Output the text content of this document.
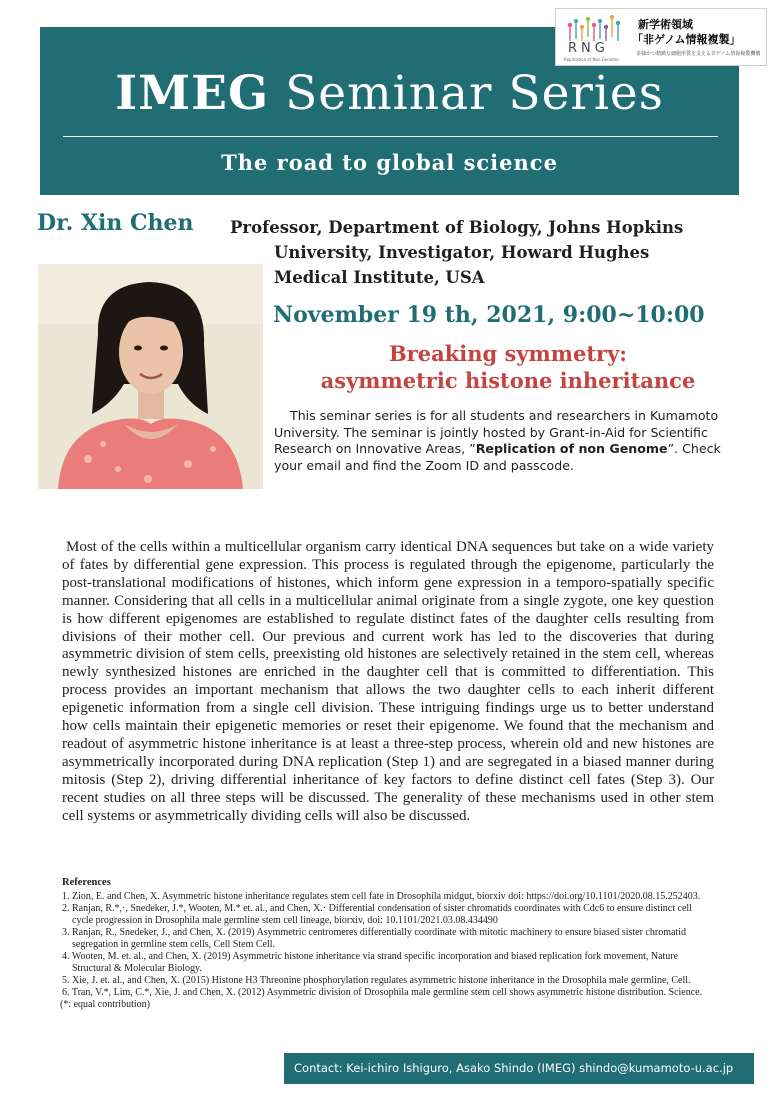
IMEG Seminar Series
The road to global science
RNG
Replication of Non Genome
新学術領域
「非ゲノム情報複製」
多様かつ精緻な細胞形質を支える非ゲノム情報複製機構
Dr. Xin Chen Professor, Department of Biology, Johns Hopkins
University, Investigator, Howard Hughes
Medical Institute, USA
November 19 th, 2021, 9:00~10:00
Breaking symmetry:
asymmetric histone inheritance
This seminar series is for all students and researchers in Kumamoto University. The seminar is jointly hosted by Grant-in-Aid for Scientific Research on Innovative Areas, ”Replication of non Genome”. Check your email and find the Zoom ID and passcode.
Most of the cells within a multicellular organism carry identical DNA sequences but take on a wide variety of fates by differential gene expression. This process is regulated through the epigenome, particularly the post-translational modifications of histones, which inform gene expression in a temporo-spatially specific manner. Considering that all cells in a multicellular animal originate from a single zygote, one key question is how different epigenomes are established to regulate distinct fates of the daughter cells resulting from divisions of their mother cell. Our previous and current work has led to the discoveries that during asymmetric division of stem cells, preexisting old histones are selectively retained in the stem cell, whereas newly synthesized histones are enriched in the daughter cell that is committed to differentiation. This process provides an important mechanism that allows the two daughter cells to each inherit different epigenetic information from a single cell division. These intriguing findings urge us to better understand how cells maintain their epigenetic memories or reset their epigenome. We found that the mechanism and readout of asymmetric histone inheritance is at least a three-step process, wherein old and new histones are asymmetrically incorporated during DNA replication (Step 1) and are segregated in a biased manner during mitosis (Step 2), driving differential inheritance of key factors to define distinct cell fates (Step 3). Our recent studies on all three steps will be discussed. The generality of these mechanisms used in other stem cell systems or asymmetrically dividing cells will also be discussed.
References
1. Zion, E. and Chen, X. Asymmetric histone inheritance regulates stem cell fate in Drosophila midgut, biorxiv doi: https://doi.org/10.1101/2020.08.15.252403.
2. Ranjan, R.*,·, Snedeker, J.*, Wooten, M.* et. al., and Chen, X.· Differential condensation of sister chromatids coordinates with Cdc6 to ensure distinct cell cycle progression in Drosophila male germline stem cell lineage, biorxiv, doi: 10.1101/2021.03.08.434490
3. Ranjan, R., Snedeker, J., and Chen, X. (2019) Asymmetric centromeres differentially coordinate with mitotic machinery to ensure biased sister chromatid segregation in germline stem cells, Cell Stem Cell.
4. Wooten, M. et. al., and Chen, X. (2019) Asymmetric histone inheritance via strand specific incorporation and biased replication fork movement, Nature Structural & Molecular Biology.
5. Xie, J. et. al., and Chen, X. (2015) Histone H3 Threonine phosphorylation regulates asymmetric histone inheritance in the Drosophila male germline, Cell.
6. Tran, V.*, Lim, C.*, Xie, J. and Chen, X. (2012) Asymmetric division of Drosophila male germline stem cell shows asymmetric histone distribution. Science.
(*: equal contribution)
Contact: Kei-ichiro Ishiguro, Asako Shindo (IMEG) shindo@kumamoto-u.ac.jp
